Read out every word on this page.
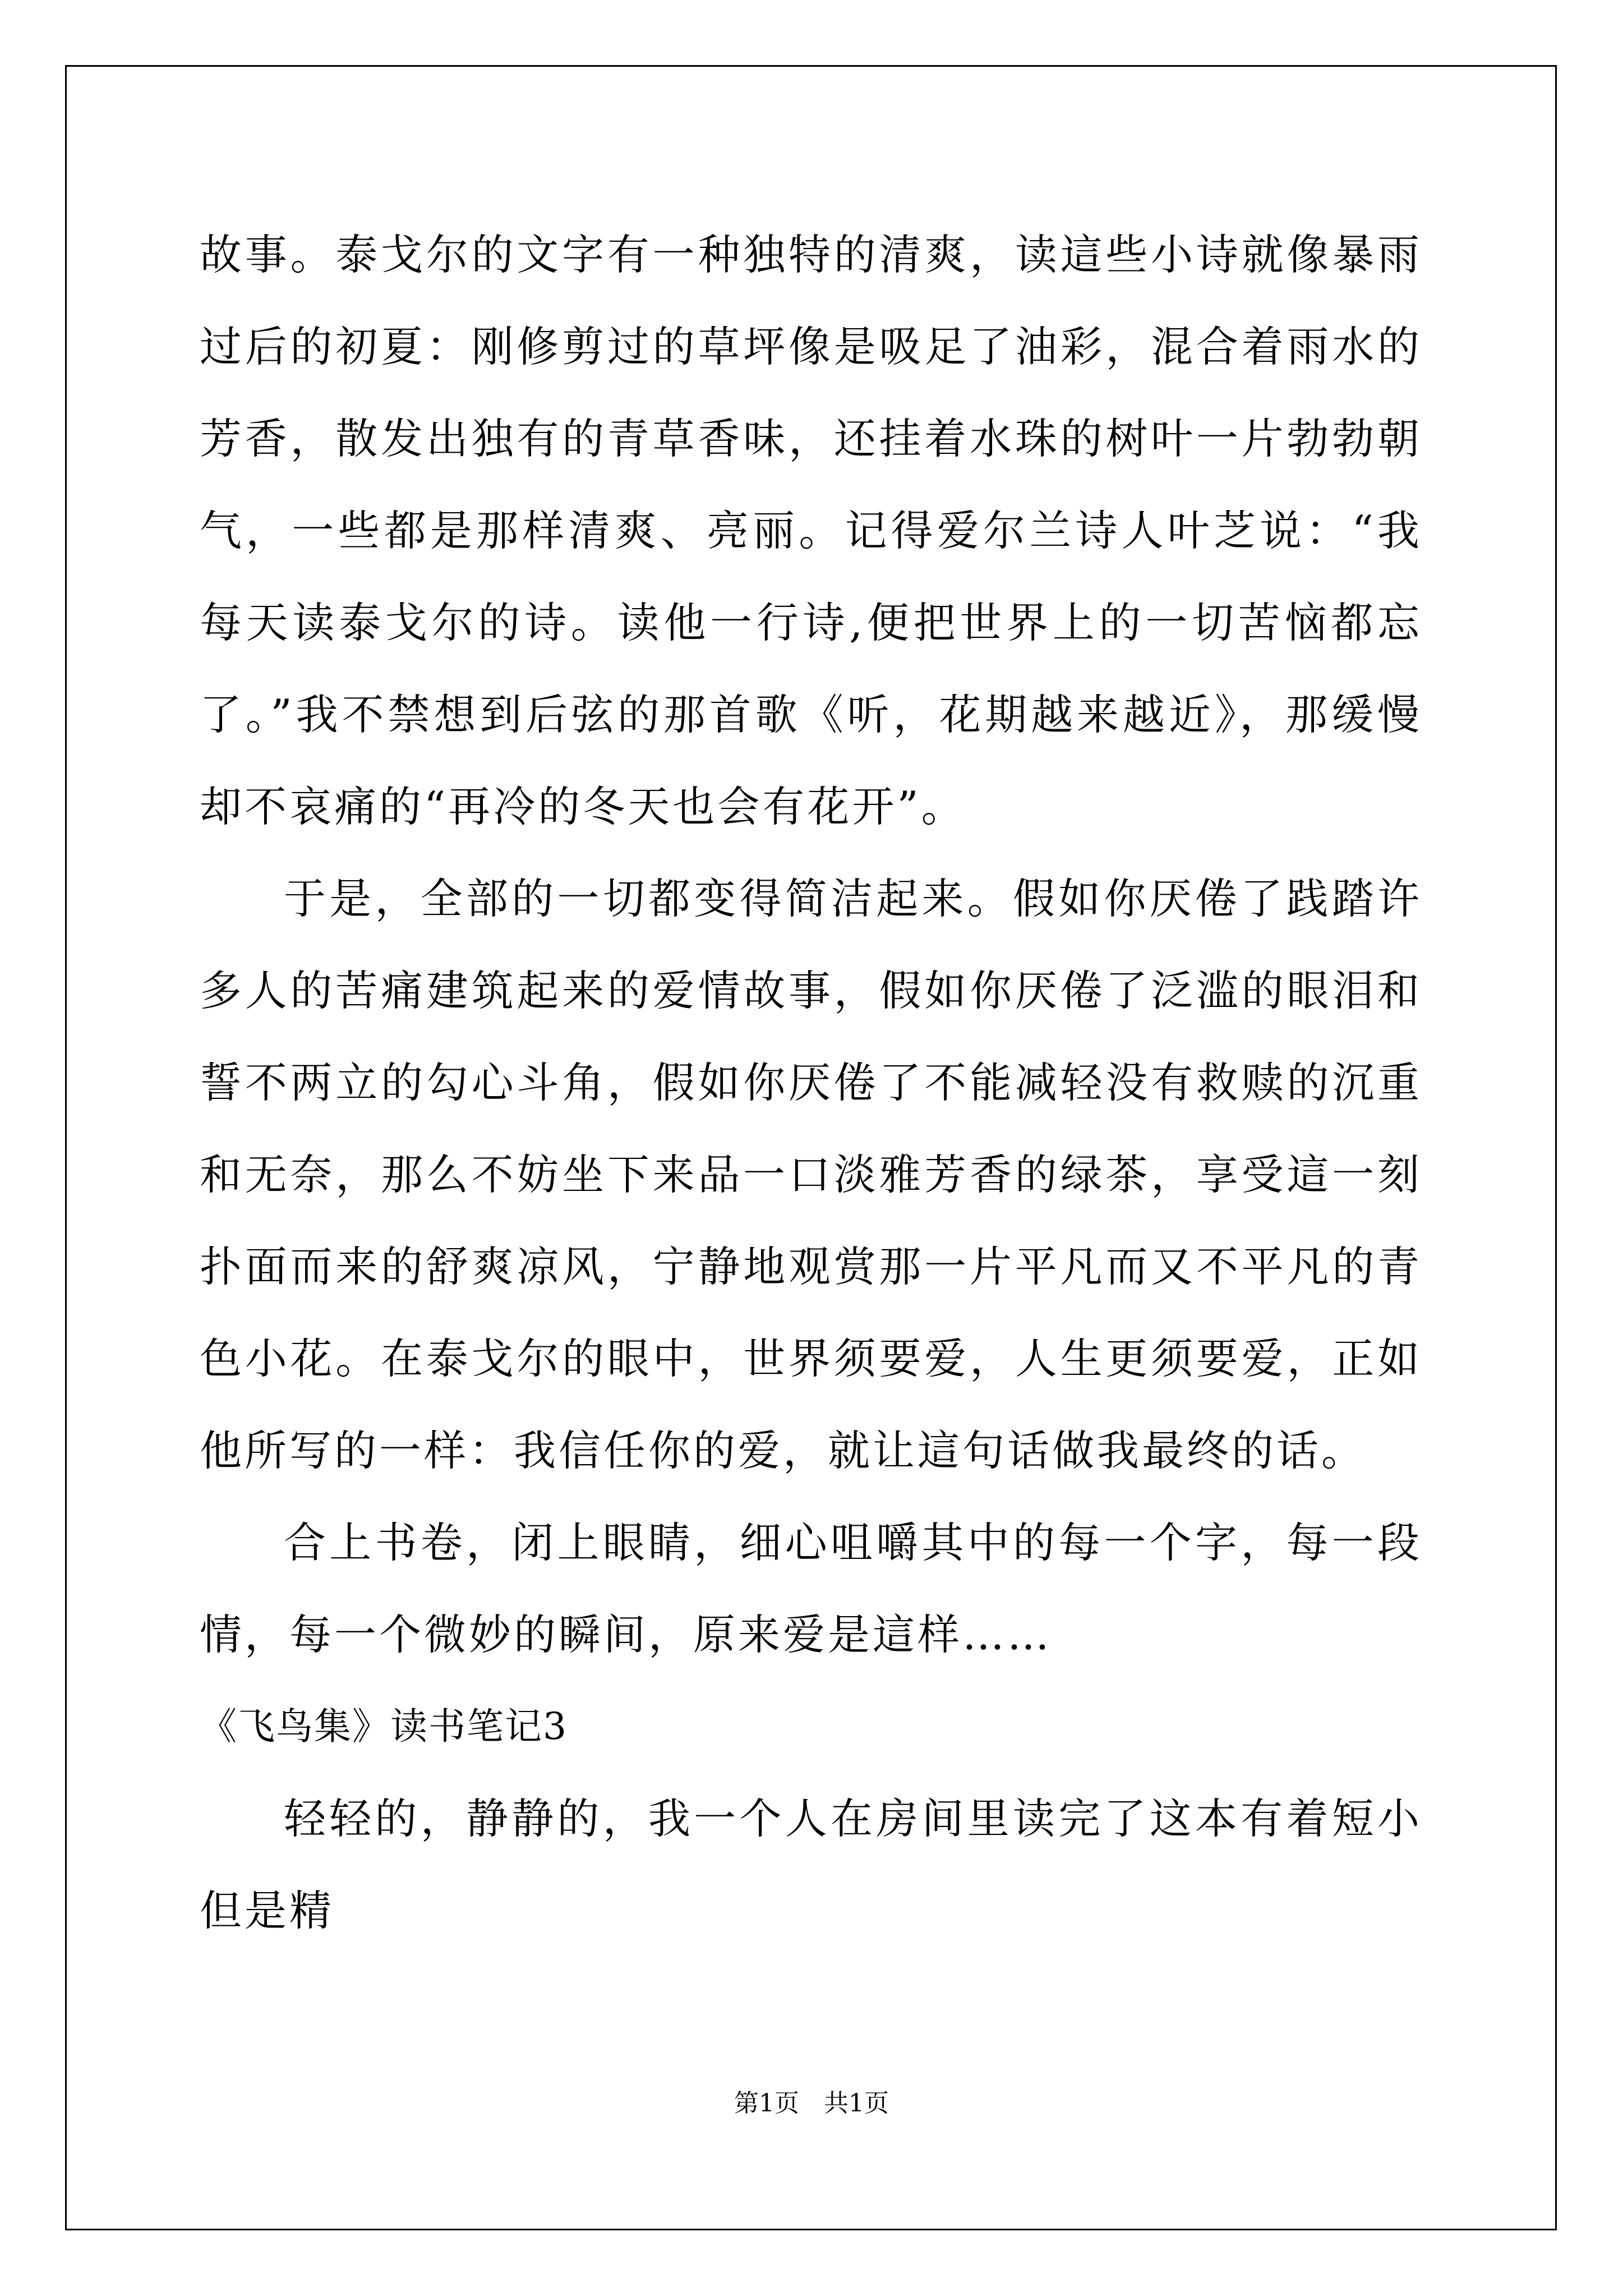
故事。泰戈尔的文字有一种独特的清爽，读這些小诗就像暴雨过后的初夏：刚修剪过的草坪像是吸足了油彩，混合着雨水的芳香，散发出独有的青草香味，还挂着水珠的树叶一片勃勃朝气，一些都是那样清爽、亮丽。记得爱尔兰诗人叶芝说：“我每天读泰戈尔的诗。读他一行诗,便把世界上的一切苦恼都忘了。”我不禁想到后弦的那首歌《听，花期越来越近》，那缓慢却不哀痛的“再冷的冬天也会有花开”。

于是，全部的一切都变得简洁起来。假如你厌倦了践踏许多人的苦痛建筑起来的爱情故事，假如你厌倦了泛滥的眼泪和誓不两立的勾心斗角，假如你厌倦了不能减轻没有救赎的沉重和无奈，那么不妨坐下来品一口淡雅芳香的绿茶，享受這一刻扑面而来的舒爽凉风，宁静地观赏那一片平凡而又不平凡的青色小花。在泰戈尔的眼中，世界须要爱，人生更须要爱，正如他所写的一样：我信任你的爱，就让這句话做我最终的话。

合上书卷，闭上眼睛，细心咀嚼其中的每一个字，每一段情，每一个微妙的瞬间，原来爱是這样……

《飞鸟集》读书笔记3

轻轻的，静静的，我一个人在房间里读完了这本有着短小但是精

第1页 共1页
